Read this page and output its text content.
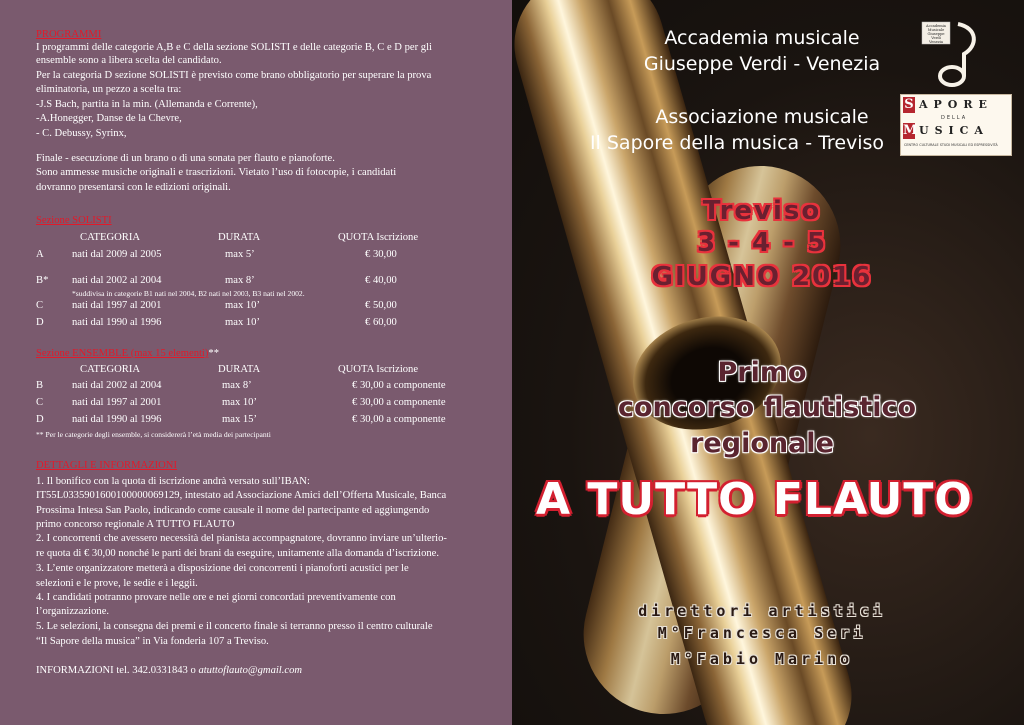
PROGRAMMI
I programmi delle categorie A,B e C della sezione SOLISTI e delle categorie B, C e D per gli
ensemble sono a libera scelta del candidato.
Per la categoria D sezione SOLISTI è previsto come brano obbligatorio per superare la prova
eliminatoria, un pezzo a scelta tra:
-J.S Bach, partita in la min. (Allemanda e Corrente),
-A.Honegger, Danse de la Chevre,
- C. Debussy, Syrinx,
Finale - esecuzione di un brano o di una sonata per flauto e pianoforte.
Sono ammesse musiche originali e trascrizioni. Vietato l’uso di fotocopie, i candidati
dovranno presentarsi con le edizioni originali.
Sezione SOLISTI
CATEGORIA	DURATA	QUOTA Iscrizione
A	nati dal 2009 al 2005	max 5’	€ 30,00
B* nati dal 2002 al 2004	max 8’	€ 40,00
*suddivisa in categorie B1 nati nel 2004, B2 nati nel 2003, B3 nati nel 2002.
C	nati dal 1997 al 2001	max 10’	€ 50,00
D	nati dal 1990 al 1996	max 10’	€ 60,00
Sezione ENSEMBLE (max 15 elementi)**
CATEGORIA	DURATA	QUOTA Iscrizione
B	nati dal 2002 al 2004	max 8’	€ 30,00 a componente
C	nati dal 1997 al 2001	max 10’	€ 30,00 a componente
D	nati dal 1990 al 1996	max 15’	€ 30,00 a componente
** Per le categorie degli ensemble, si considererà l’età media dei partecipanti
DETTAGLI E INFORMAZIONI
1. Il bonifico con la quota di iscrizione andrà versato sull’IBAN:
IT55L0335901600100000069129, intestato ad Associazione Amici dell’Offerta Musicale, Banca
Prossima Intesa San Paolo, indicando come causale il nome del partecipante ed aggiungendo
primo concorso regionale A TUTTO FLAUTO
2. I concorrenti che avessero necessità del pianista accompagnatore, dovranno inviare un’ulterio-
re quota di € 30,00 nonché le parti dei brani da eseguire, unitamente alla domanda d’iscrizione.
3. L’ente organizzatore metterà a disposizione dei concorrenti i pianoforti acustici per le
selezioni e le prove, le sedie e i leggii.
4. I candidati potranno provare nelle ore e nei giorni concordati preventivamente con
l’organizzazione.
5. Le selezioni, la consegna dei premi e il concerto finale si terranno presso il centro culturale
“Il Sapore della musica” in Via fonderia 107 a Treviso.
INFORMAZIONI tel. 342.0331843 o atuttoflauto@gmail.com
Accademia musicale
Giuseppe Verdi - Venezia
Associazione musicale
Il Sapore della musica - Treviso
Accademia
Musicale
Giuseppe Verdi
Venezia
S APORE
DELLA
M USICA
CENTRO CULTURALE STUDI MUSICALI ED ESPRESSIVITÀ
Treviso
3 - 4 - 5
GIUGNO 2016
Primo
concorso flautistico
regionale
A TUTTO FLAUTO
direttori artistici
M°Francesca Seri
M°Fabio Marino
